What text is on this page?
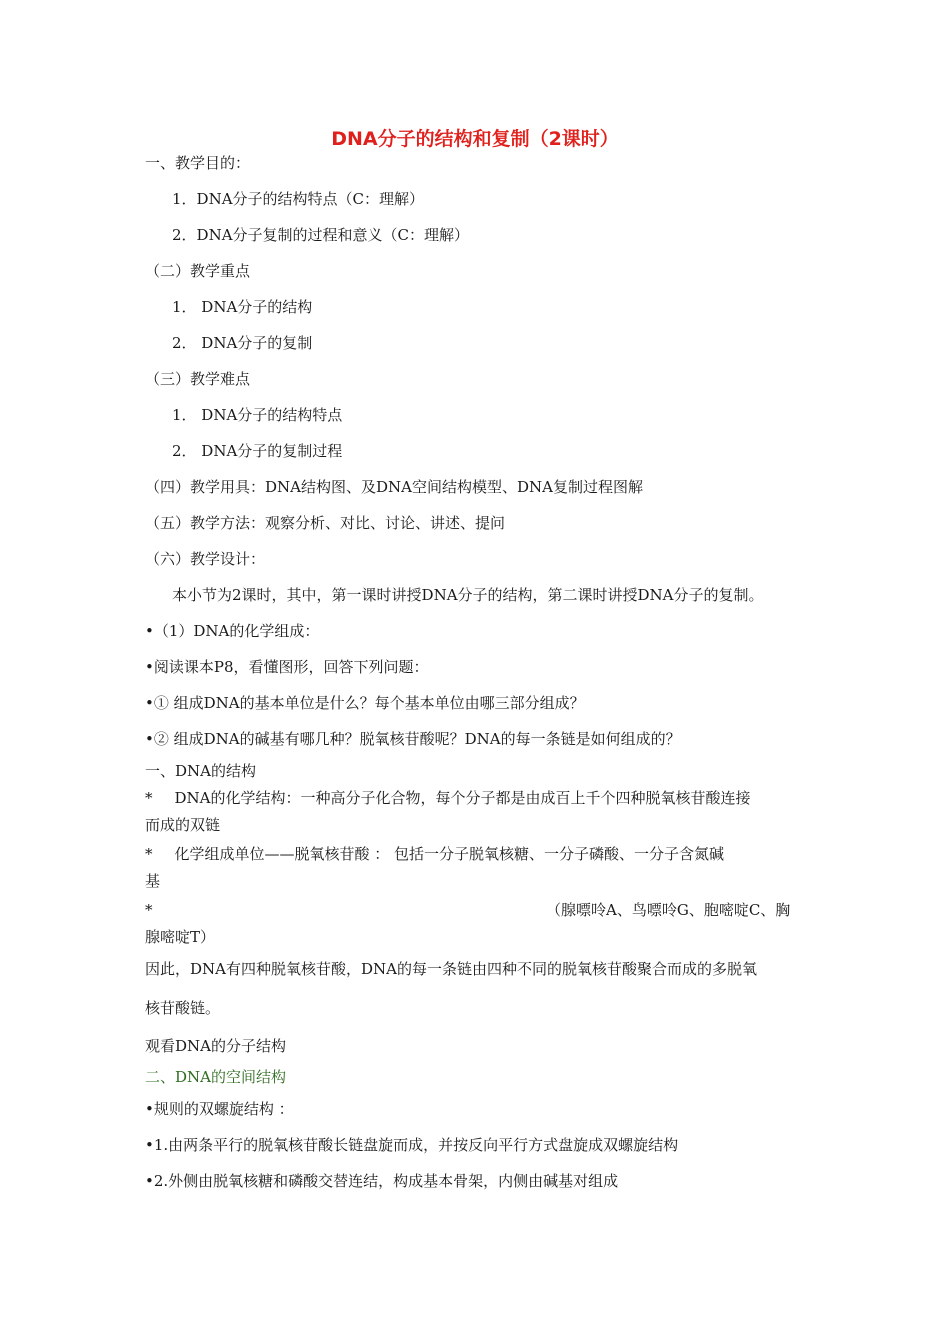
DNA分子的结构和复制（2课时）
一、教学目的：
1．DNA分子的结构特点（C：理解）
2．DNA分子复制的过程和意义（C：理解）
（二）教学重点
1． DNA分子的结构
2． DNA分子的复制
（三）教学难点
1． DNA分子的结构特点
2． DNA分子的复制过程
（四）教学用具：DNA结构图、及DNA空间结构模型、DNA复制过程图解
（五）教学方法：观察分析、对比、讨论、讲述、提问
（六）教学设计：
本小节为2课时，其中，第一课时讲授DNA分子的结构，第二课时讲授DNA分子的复制。
•（1）DNA的化学组成：
•阅读课本P8，看懂图形，回答下列问题：
•① 组成DNA的基本单位是什么？每个基本单位由哪三部分组成？
•② 组成DNA的碱基有哪几种？脱氧核苷酸呢？DNA的每一条链是如何组成的？
一、DNA的结构
* DNA的化学结构：一种高分子化合物，每个分子都是由成百上千个四种脱氧核苷酸连接
而成的双链
* 化学组成单位——脱氧核苷酸 ： 包括一分子脱氧核糖、一分子磷酸、一分子含氮碱
基
*	（腺嘌呤A、鸟嘌呤G、胞嘧啶C、胸
腺嘧啶T）
因此，DNA有四种脱氧核苷酸，DNA的每一条链由四种不同的脱氧核苷酸聚合而成的多脱氧
核苷酸链。
观看DNA的分子结构
二、DNA的空间结构
•规则的双螺旋结构 ：
•1.由两条平行的脱氧核苷酸长链盘旋而成，并按反向平行方式盘旋成双螺旋结构
•2.外侧由脱氧核糖和磷酸交替连结，构成基本骨架，内侧由碱基对组成
